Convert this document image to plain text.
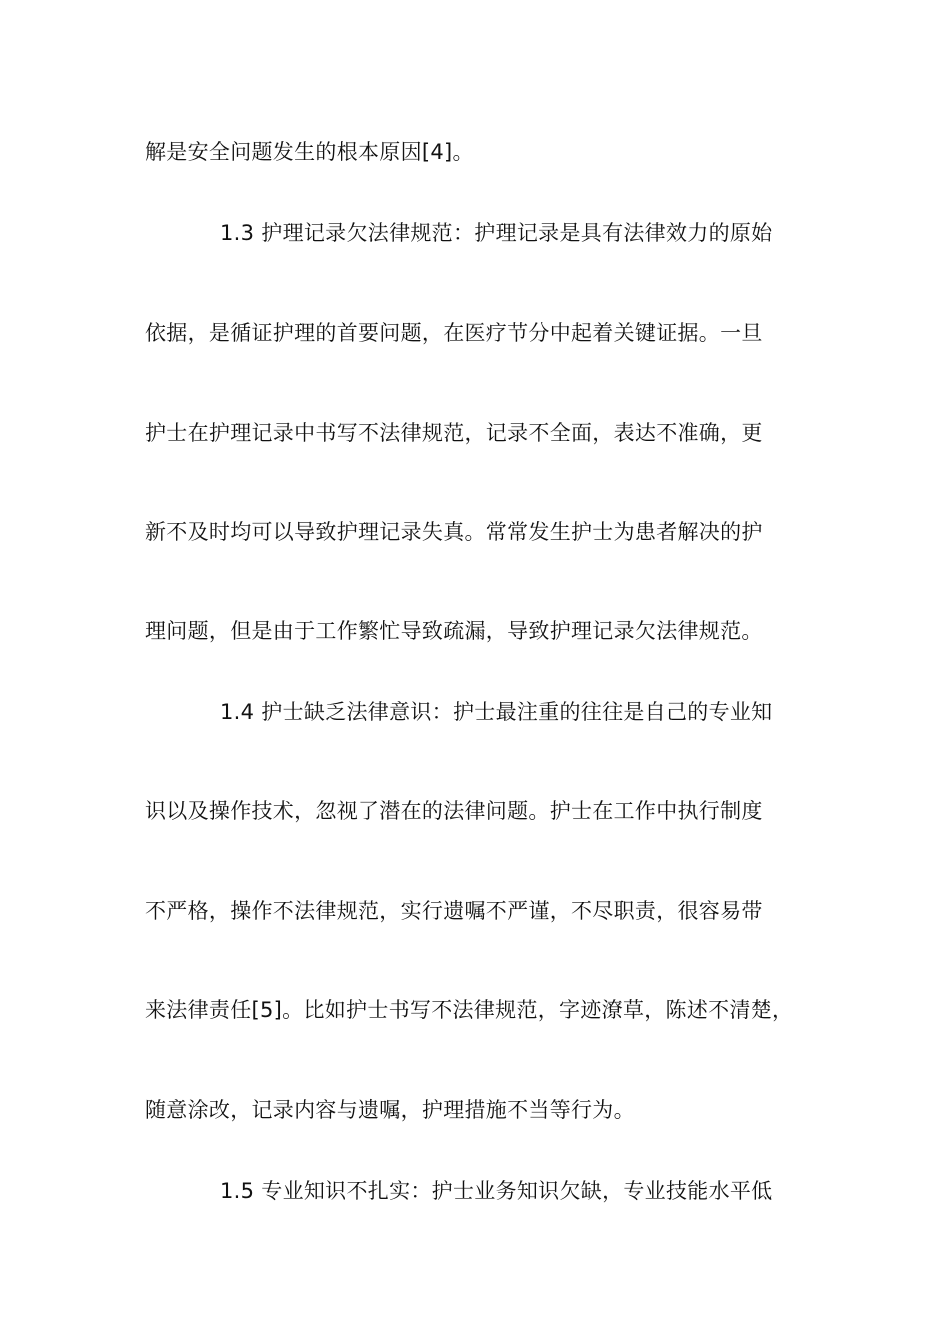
解是安全问题发生的根本原因[4]。
1.3 护理记录欠法律规范：护理记录是具有法律效力的原始
依据，是循证护理的首要问题，在医疗节分中起着关键证据。一旦
护士在护理记录中书写不法律规范，记录不全面，表达不准确，更
新不及时均可以导致护理记录失真。常常发生护士为患者解决的护
理问题，但是由于工作繁忙导致疏漏，导致护理记录欠法律规范。
1.4 护士缺乏法律意识：护士最注重的往往是自己的专业知
识以及操作技术，忽视了潜在的法律问题。护士在工作中执行制度
不严格，操作不法律规范，实行遗嘱不严谨，不尽职责，很容易带
来法律责任[5]。比如护士书写不法律规范，字迹潦草，陈述不清楚，
随意涂改，记录内容与遗嘱，护理措施不当等行为。
1.5 专业知识不扎实：护士业务知识欠缺，专业技能水平低
